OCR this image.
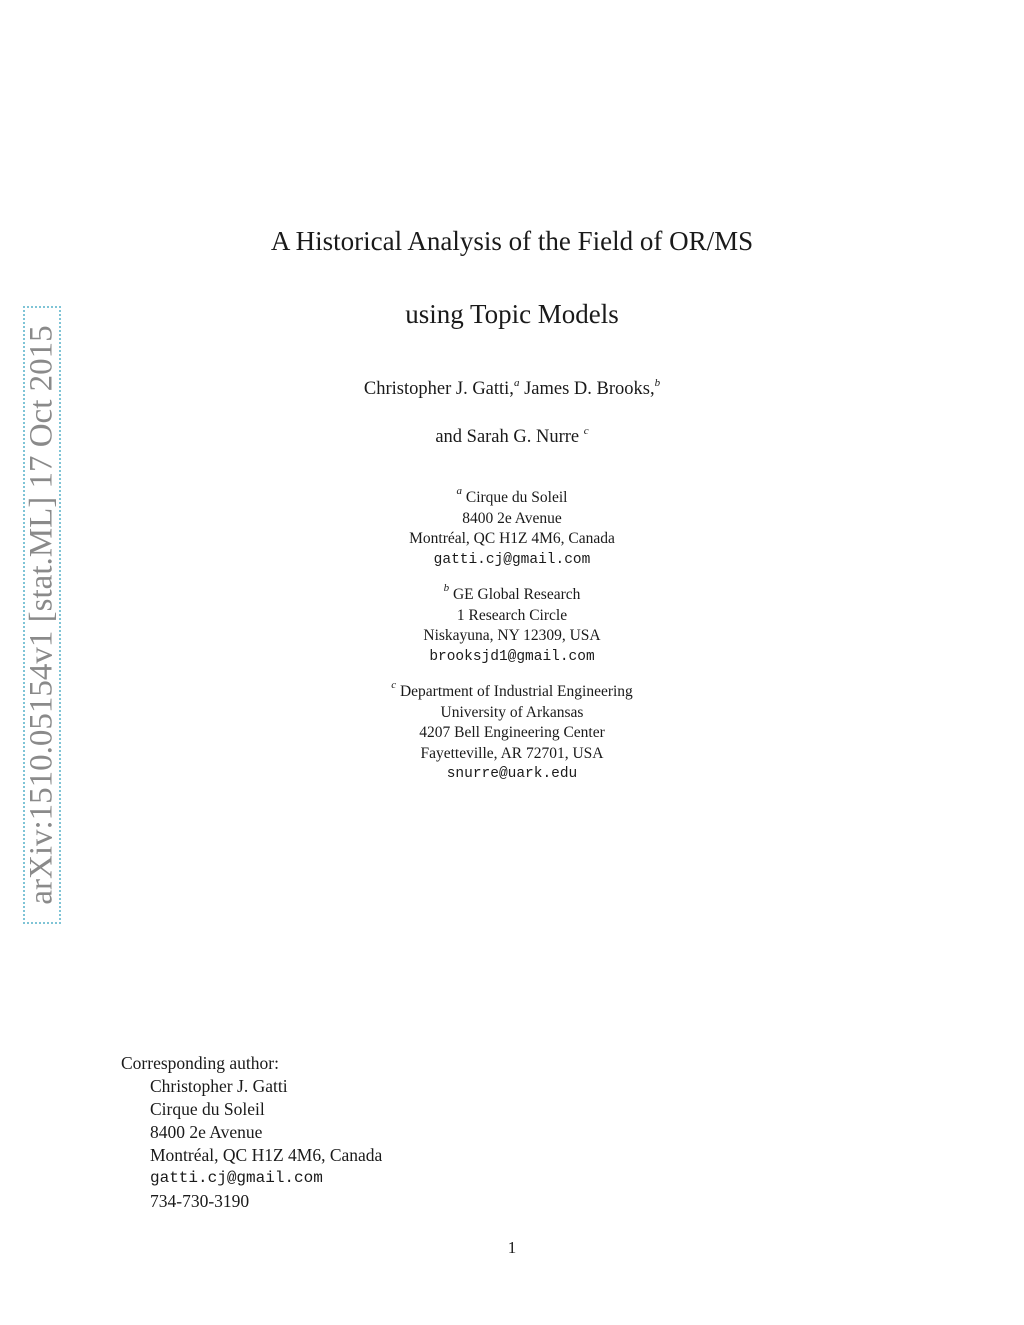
arXiv:1510.05154v1 [stat.ML] 17 Oct 2015
A Historical Analysis of the Field of OR/MS
using Topic Models
Christopher J. Gatti,$^a$ James D. Brooks,$^b$
and Sarah G. Nurre $^c$
$^a$ Cirque du Soleil
8400 2e Avenue
Montréal, QC H1Z 4M6, Canada
gatti.cj@gmail.com
$^b$ GE Global Research
1 Research Circle
Niskayuna, NY 12309, USA
brooksjd1@gmail.com
$^c$ Department of Industrial Engineering
University of Arkansas
4207 Bell Engineering Center
Fayetteville, AR 72701, USA
snurre@uark.edu
Corresponding author:
Christopher J. Gatti
Cirque du Soleil
8400 2e Avenue
Montréal, QC H1Z 4M6, Canada
gatti.cj@gmail.com
734-730-3190
1
